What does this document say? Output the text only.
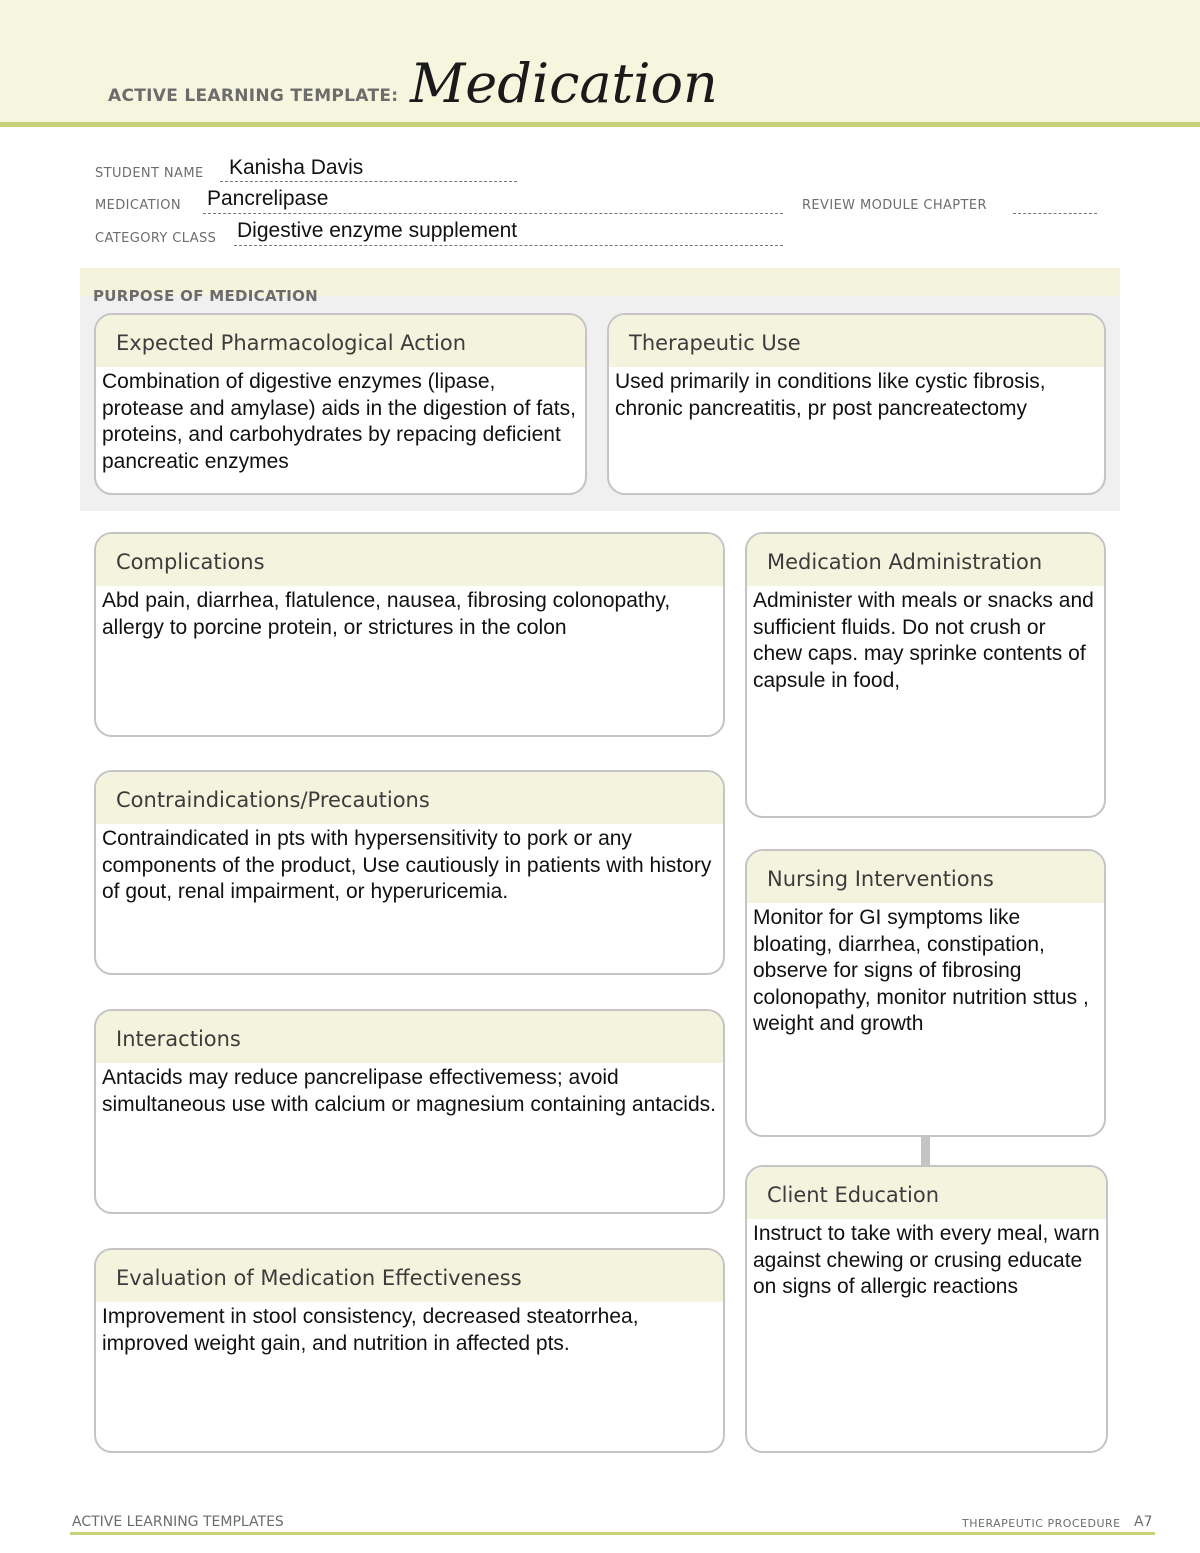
ACTIVE LEARNING TEMPLATE: Medication
STUDENT NAME Kanisha Davis
MEDICATION Pancrelipase	REVIEW MODULE CHAPTER
CATEGORY CLASS Digestive enzyme supplement
PURPOSE OF MEDICATION
Expected Pharmacological Action
Combination of digestive enzymes (lipase, protease and amylase) aids in the digestion of fats, proteins, and carbohydrates by repacing deficient pancreatic enzymes
Therapeutic Use
Used primarily in conditions like cystic fibrosis, chronic pancreatitis, pr post pancreatectomy
Complications
Abd pain, diarrhea, flatulence, nausea, fibrosing colonopathy, allergy to porcine protein, or strictures in the colon
Contraindications/Precautions
Contraindicated in pts with hypersensitivity to pork or any components of the product, Use cautiously in patients with history of gout, renal impairment, or hyperuricemia.
Interactions
Antacids may reduce pancrelipase effectivemess; avoid simultaneous use with calcium or magnesium containing antacids.
Evaluation of Medication Effectiveness
Improvement in stool consistency, decreased steatorrhea, improved weight gain, and nutrition in affected pts.
Medication Administration
Administer with meals or snacks and sufficient fluids. Do not crush or chew caps. may sprinke contents of capsule in food,
Nursing Interventions
Monitor for GI symptoms like bloating, diarrhea, constipation, observe for signs of fibrosing colonopathy, monitor nutrition sttus , weight and growth
Client Education
Instruct to take with every meal, warn against chewing or crusing educate on signs of allergic reactions
ACTIVE LEARNING TEMPLATES	THERAPEUTIC PROCEDURE A7
